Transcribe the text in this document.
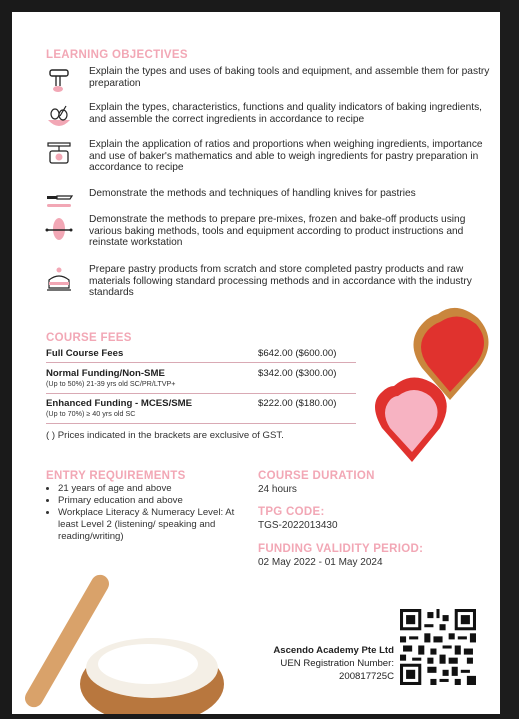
LEARNING OBJECTIVES

Explain the types and uses of baking tools and equipment, and assemble them for pastry preparation
Explain the types, characteristics, functions and quality indicators of baking ingredients, and assemble the correct ingredients in accordance to recipe
Explain the application of ratios and proportions when weighing ingredients, importance and use of baker's mathematics and able to weigh ingredients for pastry preparation in accordance to recipe
Demonstrate the methods and techniques of handling knives for pastries
Demonstrate the methods to prepare pre-mixes, frozen and bake-off products using various baking methods, tools and equipment according to product instructions and reinstate workstation
Prepare pastry products from scratch and store completed pastry products and raw materials following standard processing methods and in accordance with the industry standards

COURSE FEES

Full Course Fees	$642.00 ($600.00)
Normal Funding/Non-SME
(Up to 50%) 21-39 yrs old SC/PR/LTVP+
$342.00 ($300.00)
Enhanced Funding - MCES/SME
(Up to 70%) ≥ 40 yrs old SC
$222.00 ($180.00)
( ) Prices indicated in the brackets are exclusive of GST.

ENTRY REQUIREMENTS

• 21 years of age and above
• Primary education and above
• Workplace Literacy & Numeracy Level: At least Level 2 (listening/ speaking and reading/writing)

COURSE DURATION

24 hours

TPG CODE:

TGS-2022013430

FUNDING VALIDITY PERIOD:

02 May 2022 - 01 May 2024
Ascendo Academy Pte Ltd
UEN Registration Number:
200817725C
